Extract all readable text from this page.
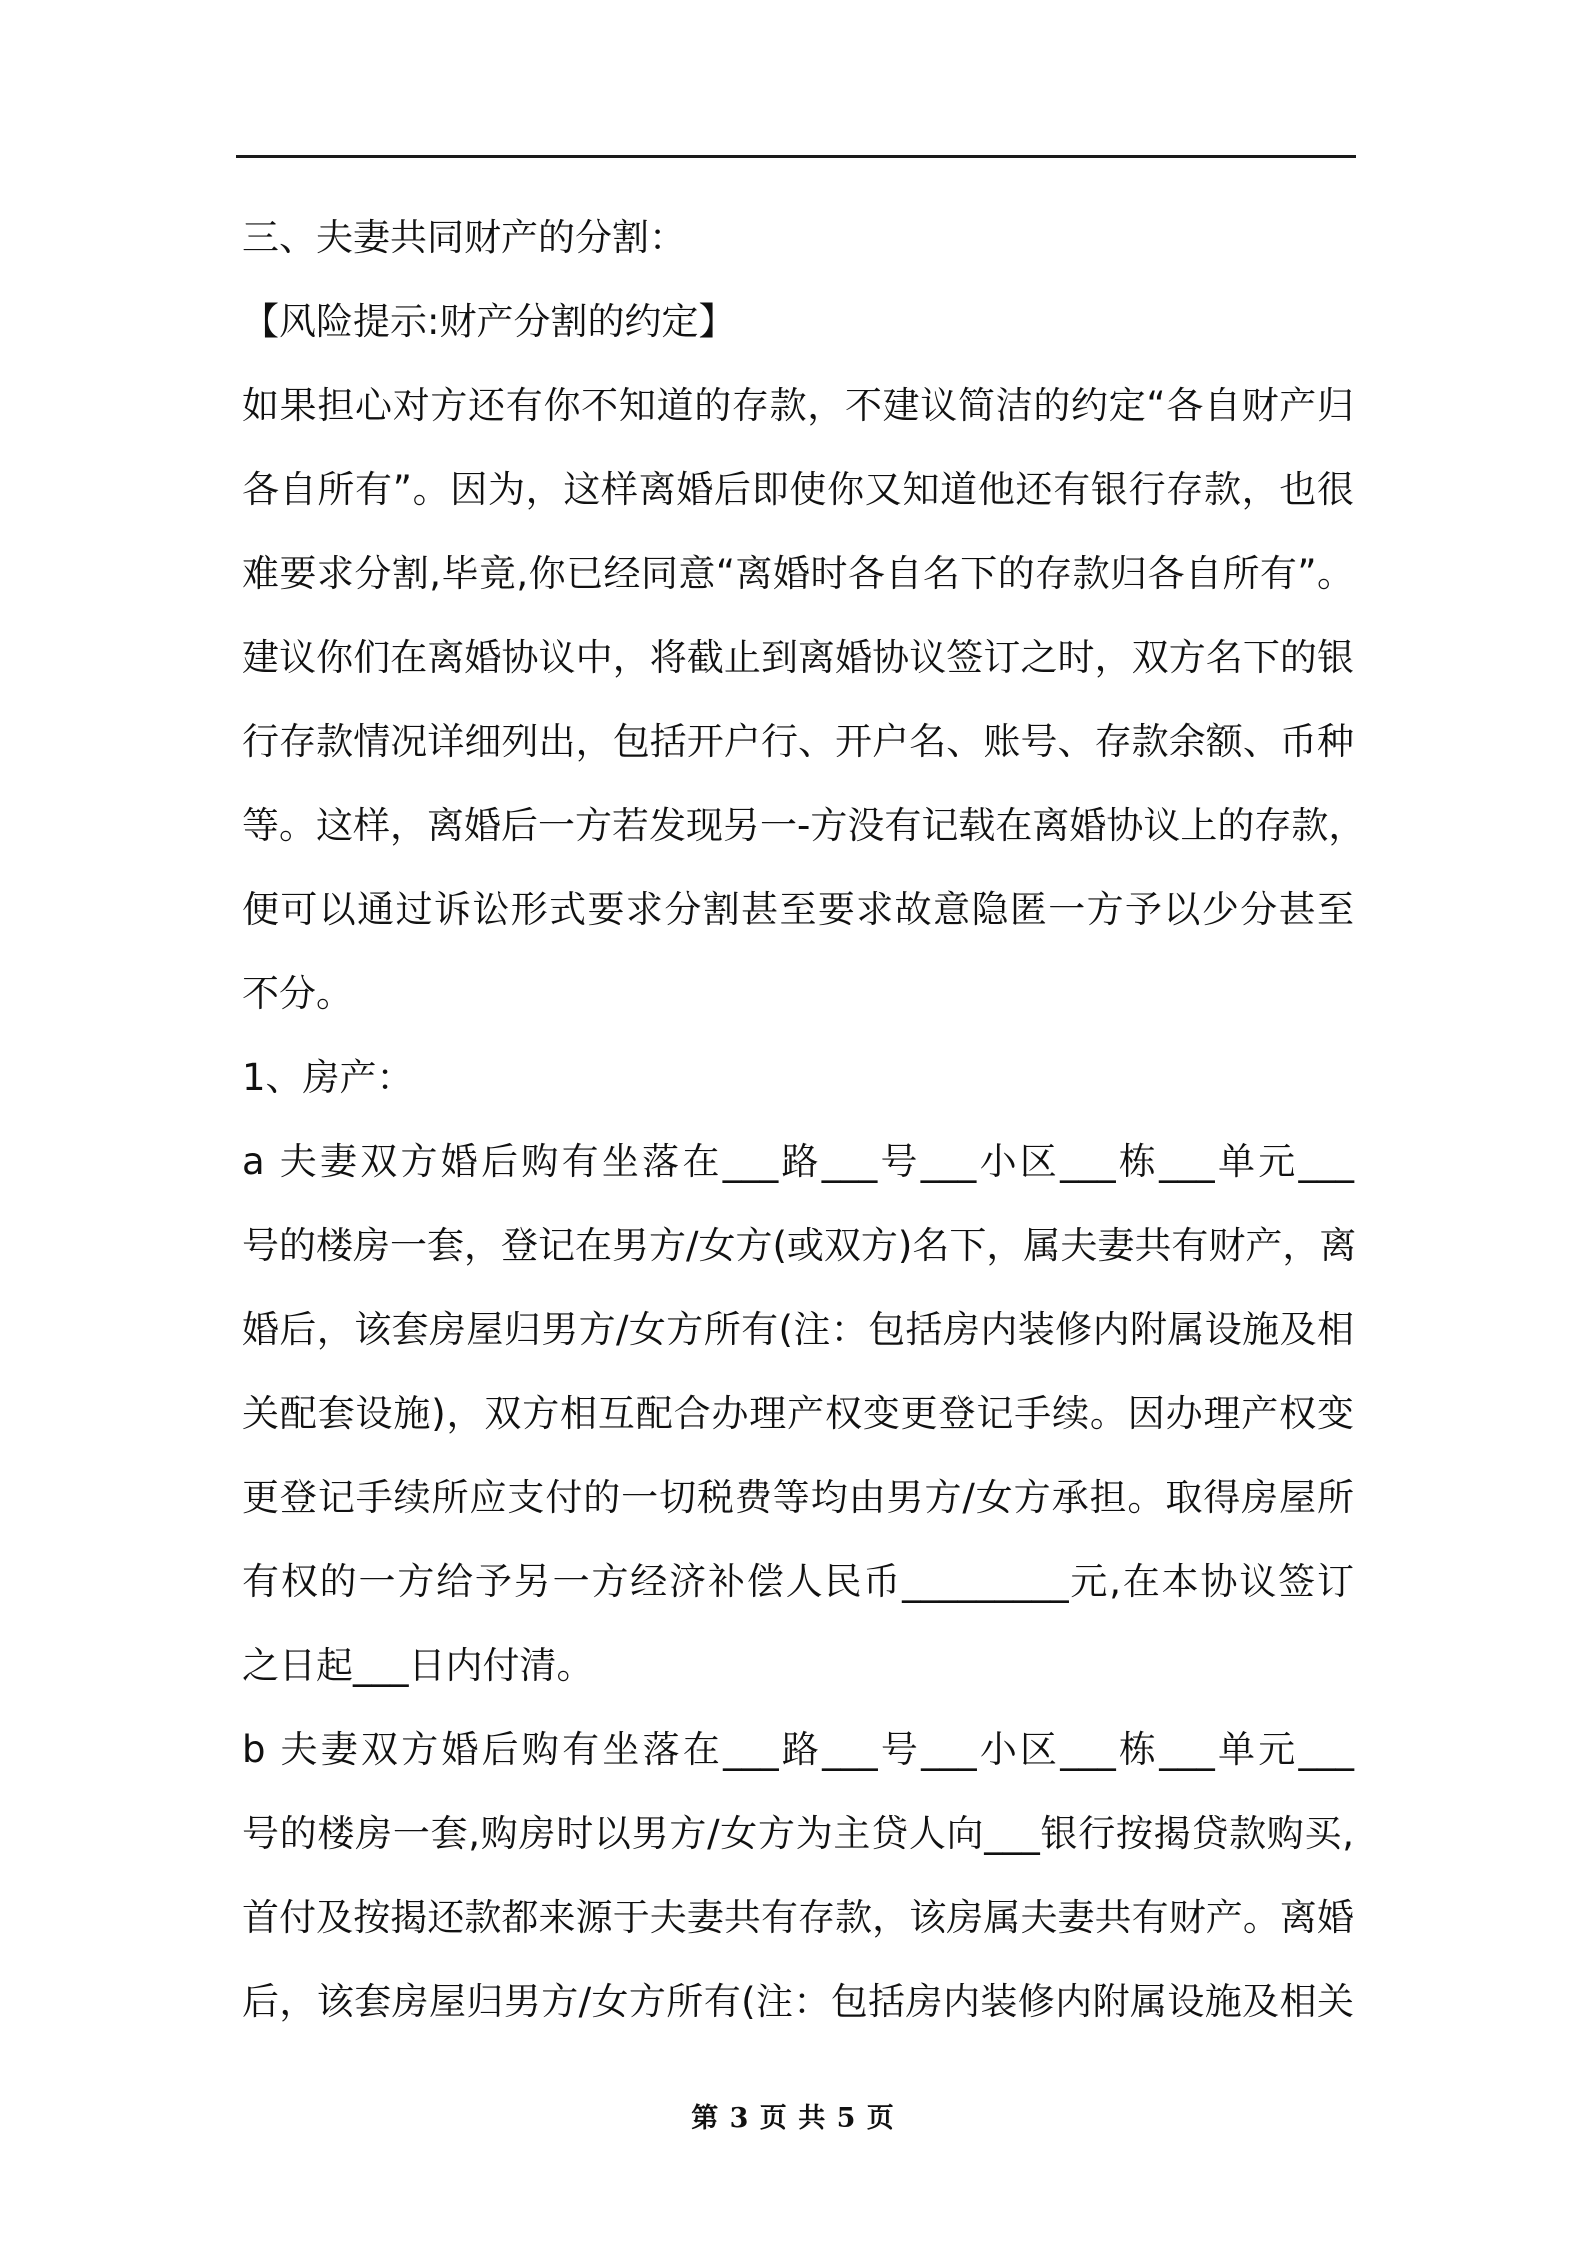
三、夫妻共同财产的分割：
【风险提示:财产分割的约定】
如果担心对方还有你不知道的存款，不建议简洁的约定“各自财产归
各自所有”。因为，这样离婚后即使你又知道他还有银行存款，也很
难要求分割,毕竟,你已经同意“离婚时各自名下的存款归各自所有”。
建议你们在离婚协议中，将截止到离婚协议签订之时，双方名下的银
行存款情况详细列出，包括开户行、开户名、账号、存款余额、币种
等。这样，离婚后一方若发现另一-方没有记载在离婚协议上的存款，
便可以通过诉讼形式要求分割甚至要求故意隐匿一方予以少分甚至
不分。
1、房产：
a 夫妻双方婚后购有坐落在___路___号___小区___栋___单元___
号的楼房一套，登记在男方/女方(或双方)名下，属夫妻共有财产，离
婚后，该套房屋归男方/女方所有(注：包括房内装修内附属设施及相
关配套设施)，双方相互配合办理产权变更登记手续。因办理产权变
更登记手续所应支付的一切税费等均由男方/女方承担。取得房屋所
有权的一方给予另一方经济补偿人民币_________元,在本协议签订
之日起___日内付清。
b 夫妻双方婚后购有坐落在___路___号___小区___栋___单元___
号的楼房一套,购房时以男方/女方为主贷人向___银行按揭贷款购买,
首付及按揭还款都来源于夫妻共有存款，该房属夫妻共有财产。离婚
后，该套房屋归男方/女方所有(注：包括房内装修内附属设施及相关
第 3 页 共 5 页
